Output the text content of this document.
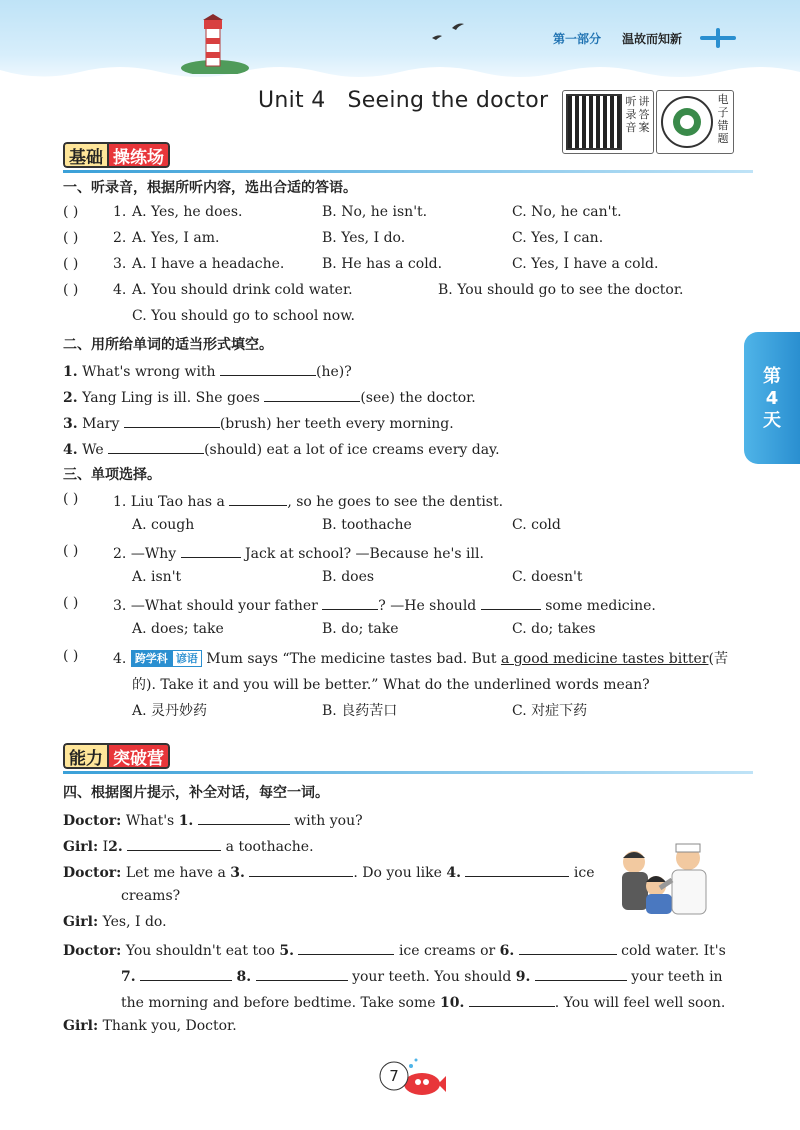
第一部分 温故而知新
Unit 4   Seeing the doctor	听
录
音
讲
答
案
电
子
错
题
第
4
天
基础 操练场
一、听录音，根据所听内容，选出合适的答语。
( ) 1. A. Yes, he does.	B. No, he isn't.	C. No, he can't.
( ) 2. A. Yes, I am.	B. Yes, I do.	C. Yes, I can.
( ) 3. A. I have a headache.	B. He has a cold.	C. Yes, I have a cold.
( ) 4. A. You should drink cold water.	B. You should go to see the doctor.
C. You should go to school now.
二、用所给单词的适当形式填空。
1. What's wrong with	(he)?
2. Yang Ling is ill. She goes	(see) the doctor.
3. Mary	(brush) her teeth every morning.
4. We	(should) eat a lot of ice creams every day.
三、单项选择。
( ) 1. Liu Tao has a	, so he goes to see the dentist.
A. cough	B. toothache	C. cold
( ) 2. —Why	Jack at school? —Because he's ill.
A. isn't	B. does	C. doesn't
( ) 3. —What should your father	? —He should	some medicine.
A. does; take	B. do; take	C. do; takes
( ) 4. 跨学科 谚语 Mum says “The medicine tastes bad. But a good medicine tastes bitter(苦
的). Take it and you will be better.” What do the underlined words mean?
A. 灵丹妙药	B. 良药苦口	C. 对症下药
能力 突破营
四、根据图片提示，补全对话，每空一词。
Doctor: What's 1.	with you?
Girl: I2.	a toothache.
Doctor: Let me have a 3.	. Do you like 4.	ice
creams?
Girl: Yes, I do.
Doctor: You shouldn't eat too 5.	ice creams or 6.	cold water. It's
7.	8.	your teeth. You should 9.	your teeth in
the morning and before bedtime. Take some 10.	. You will feel well soon.
Girl: Thank you, Doctor.
7
